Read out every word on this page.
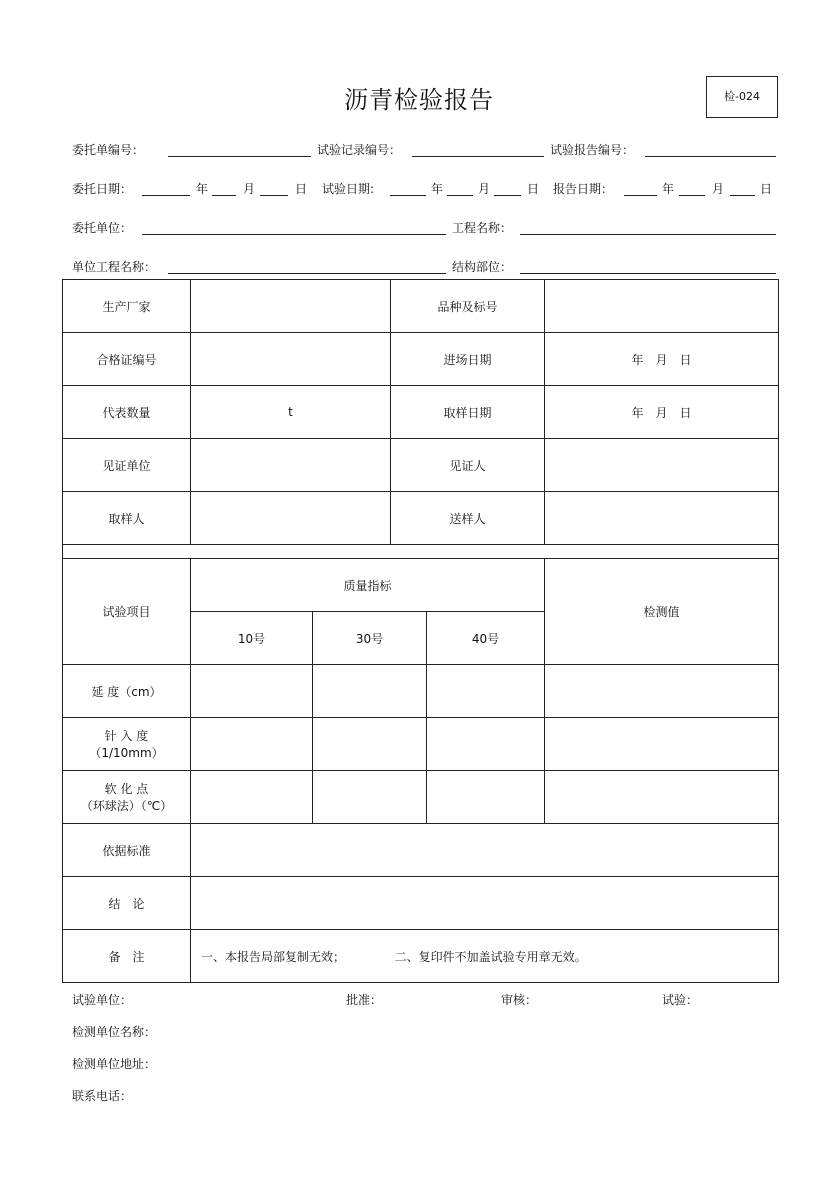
沥青检验报告	检-024
委托单编号：	试验记录编号：	试验报告编号：
委托日期：	年	月	日 试验日期:	年	月	日 报告日期：	年	月	日
委托单位：	工程名称：
单位工程名称：	结构部位：
生产厂家		品种及标号	
合格证编号		进场日期	年　月　日
代表数量	t	取样日期	年　月　日
见证单位		见证人	
取样人		送样人	

试验项目	质量指标			检测值
	10号	30号	40号	

延 度（cm）				

针 入 度
（1/10mm）				

软 化 点
（环球法）（℃）				

依据标准				
结　论				
备　注	一、本报告局部复制无效； 二、复印件不加盖试验专用章无效。			
试验单位：	批准：	审核：	试验：
检测单位名称：
检测单位地址：
联系电话：
